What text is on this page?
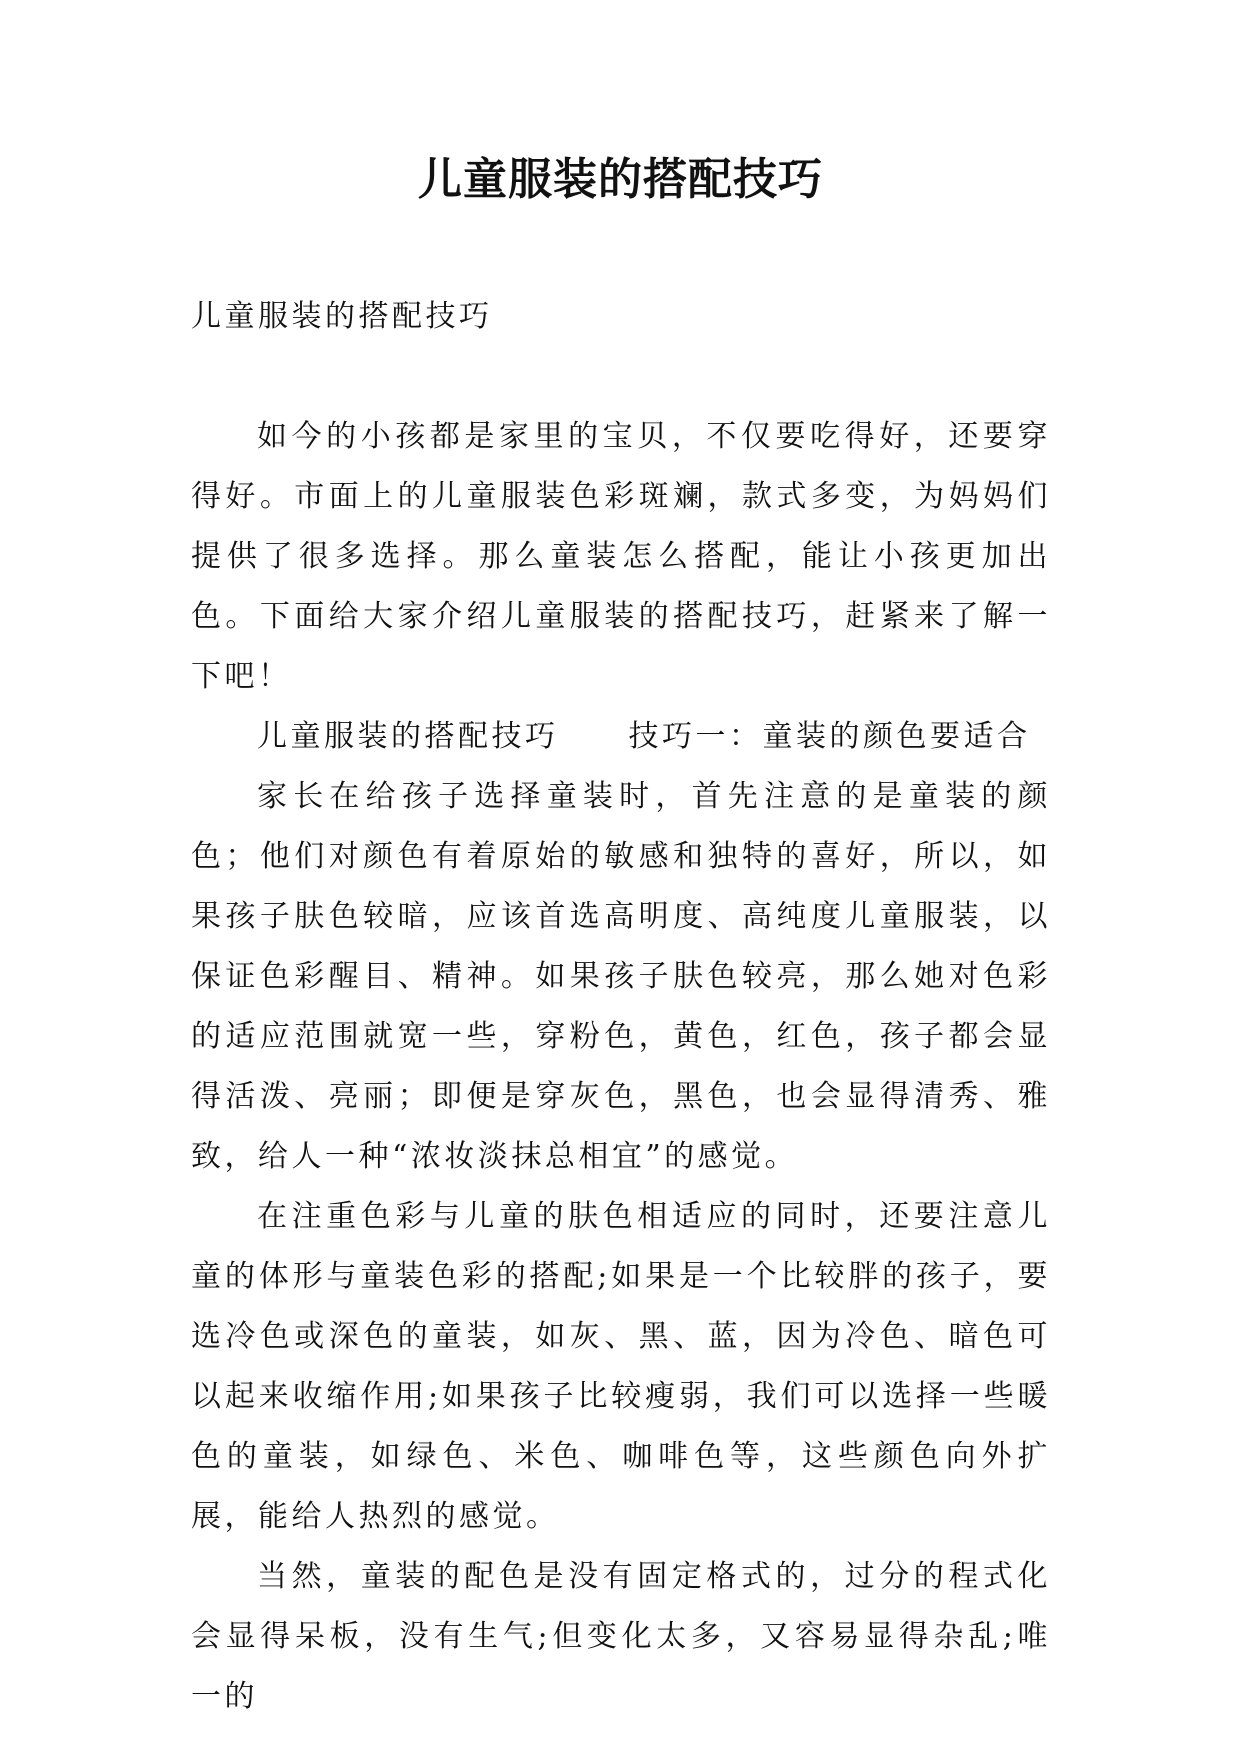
儿童服装的搭配技巧

儿童服装的搭配技巧

如今的小孩都是家里的宝贝，不仅要吃得好，还要穿得好。市面上的儿童服装色彩斑斓，款式多变，为妈妈们提供了很多选择。那么童装怎么搭配，能让小孩更加出色。下面给大家介绍儿童服装的搭配技巧，赶紧来了解一下吧！

儿童服装的搭配技巧 技巧一：童装的颜色要适合

家长在给孩子选择童装时，首先注意的是童装的颜色；他们对颜色有着原始的敏感和独特的喜好，所以，如果孩子肤色较暗，应该首选高明度、高纯度儿童服装，以保证色彩醒目、精神。如果孩子肤色较亮，那么她对色彩的适应范围就宽一些，穿粉色，黄色，红色，孩子都会显得活泼、亮丽；即便是穿灰色，黑色，也会显得清秀、雅致，给人一种“浓妆淡抹总相宜”的感觉。

在注重色彩与儿童的肤色相适应的同时，还要注意儿童的体形与童装色彩的搭配;如果是一个比较胖的孩子，要选冷色或深色的童装，如灰、黑、蓝，因为冷色、暗色可以起来收缩作用;如果孩子比较瘦弱，我们可以选择一些暖色的童装，如绿色、米色、咖啡色等，这些颜色向外扩展，能给人热烈的感觉。

当然，童装的配色是没有固定格式的，过分的程式化会显得呆板，没有生气;但变化太多，又容易显得杂乱;唯一的
